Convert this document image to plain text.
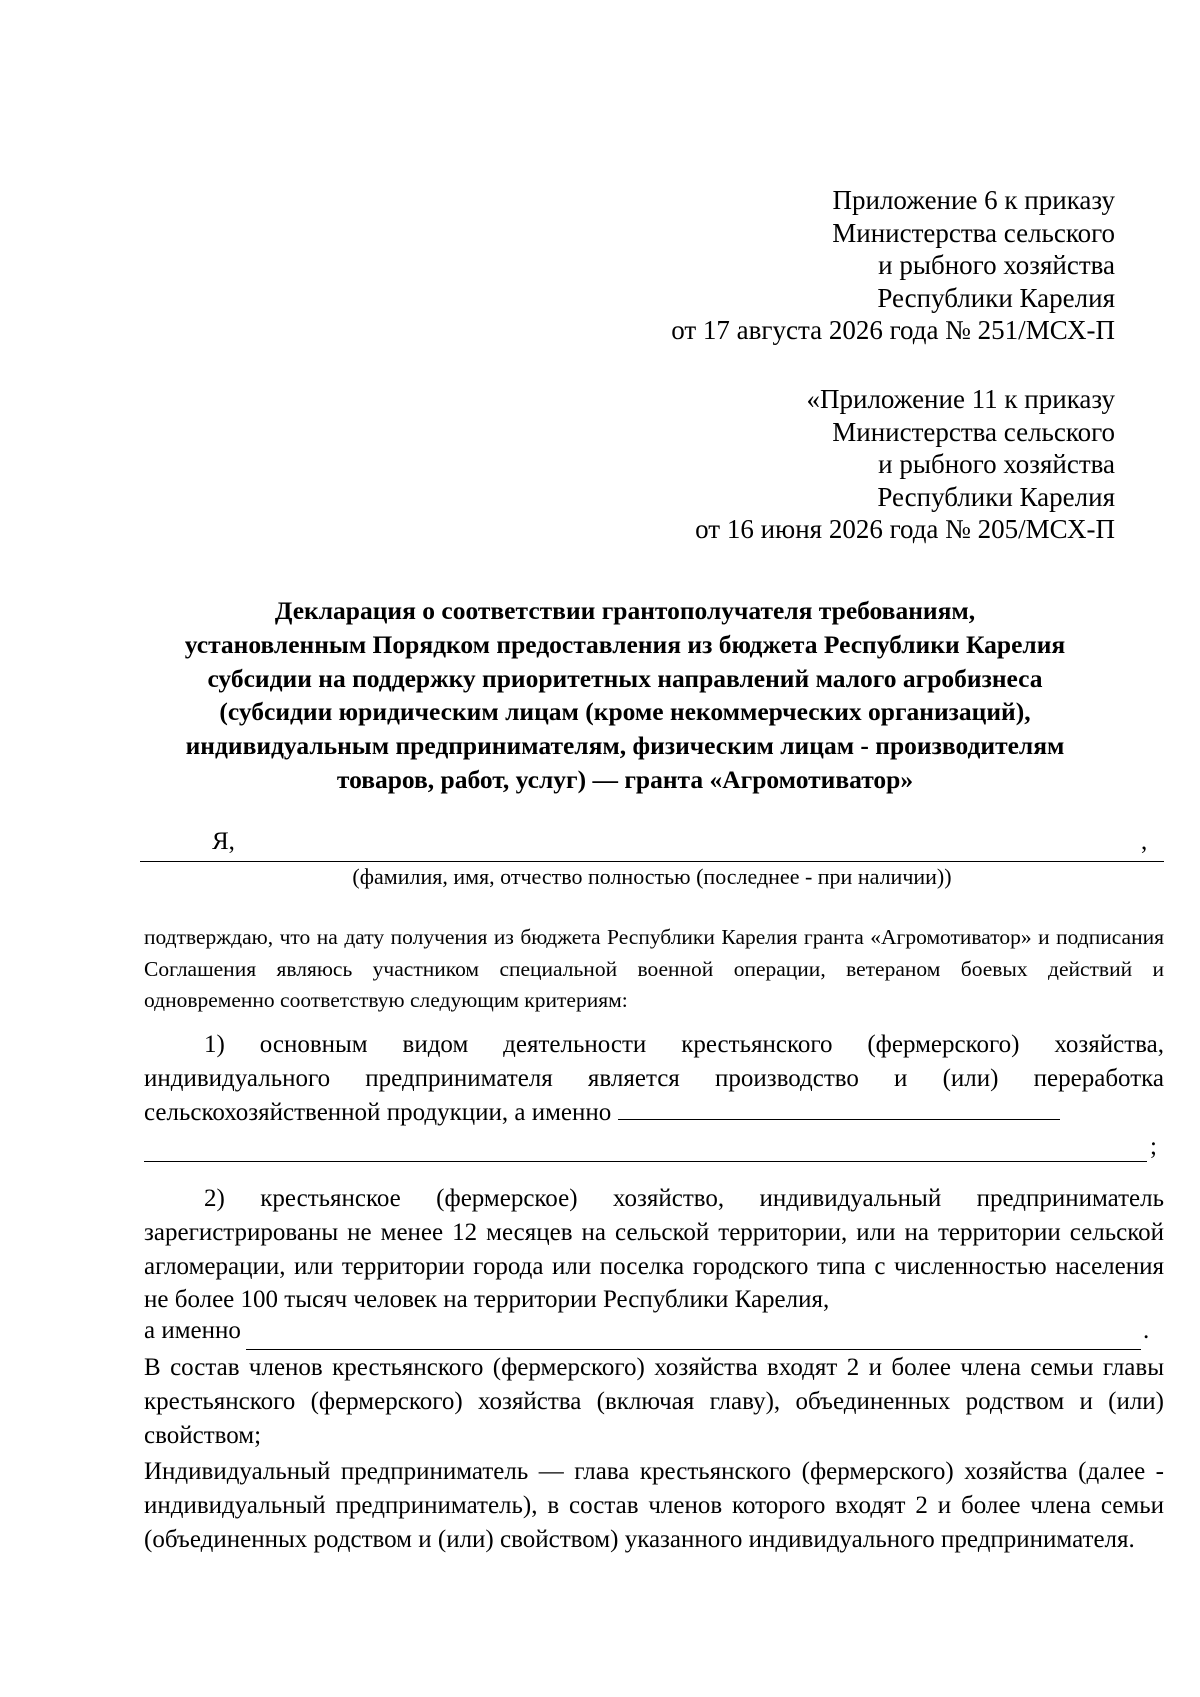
Приложение 6 к приказу
Министерства сельского
и рыбного хозяйства
Республики Карелия
от 17 августа 2026 года № 251/МСХ-П
«Приложение 11 к приказу
Министерства сельского
и рыбного хозяйства
Республики Карелия
от 16 июня 2026 года № 205/МСХ-П
Декларация о соответствии грантополучателя требованиям,
установленным Порядком предоставления из бюджета Республики Карелия
субсидии на поддержку приоритетных направлений малого агробизнеса
(субсидии юридическим лицам (кроме некоммерческих организаций),
индивидуальным предпринимателям, физическим лицам - производителям
товаров, работ, услуг) — гранта «Агромотиватор»
Я,	,
(фамилия, имя, отчество полностью (последнее - при наличии))
подтверждаю, что на дату получения из бюджета Республики Карелия гранта «Агромотиватор» и подписания Соглашения являюсь участником специальной военной операции, ветераном боевых действий и одновременно соответствую следующим критериям:
1) основным видом деятельности крестьянского (фермерского) хозяйства, индивидуального предпринимателя является производство и (или) переработка сельскохозяйственной продукции, а именно
;
2) крестьянское (фермерское) хозяйство, индивидуальный предприниматель зарегистрированы не менее 12 месяцев на сельской территории, или на территории сельской агломерации, или территории города или поселка городского типа с численностью населения не более 100 тысяч человек на территории Республики Карелия,
а именно	.
В состав членов крестьянского (фермерского) хозяйства входят 2 и более члена семьи главы крестьянского (фермерского) хозяйства (включая главу), объединенных родством и (или) свойством;
Индивидуальный предприниматель — глава крестьянского (фермерского) хозяйства (далее - индивидуальный предприниматель), в состав членов которого входят 2 и более члена семьи (объединенных родством и (или) свойством) указанного индивидуального предпринимателя.
